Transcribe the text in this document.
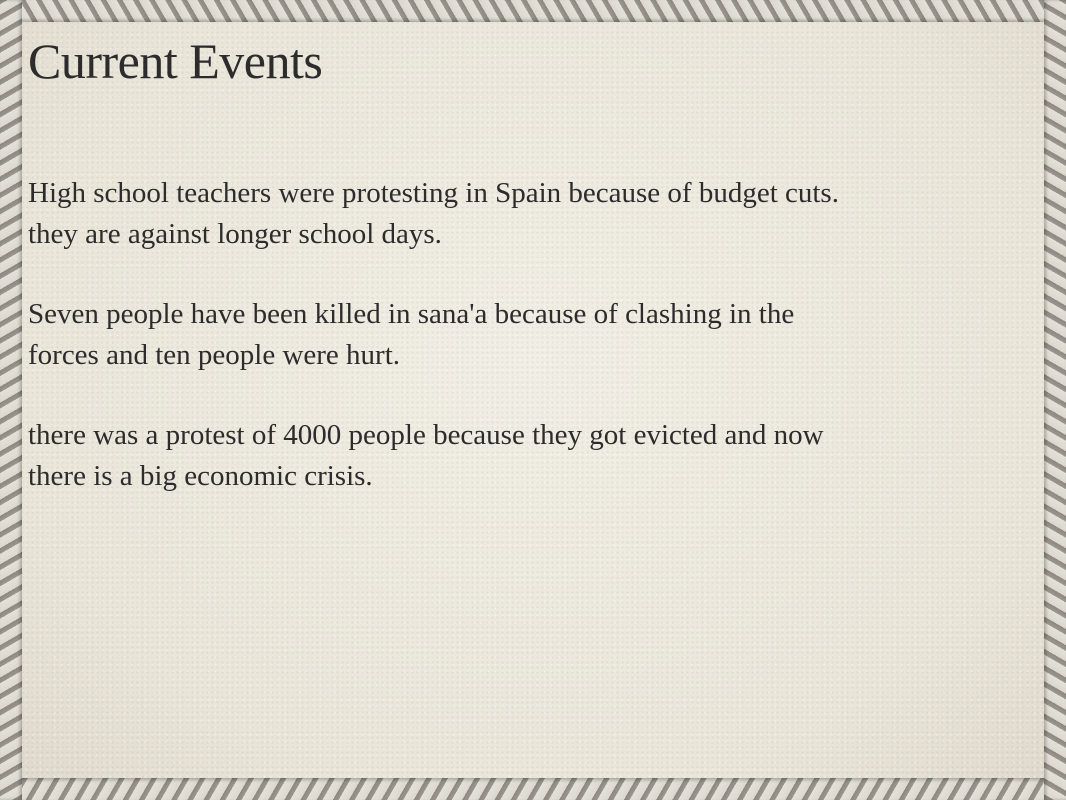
Current Events

High school teachers were protesting in Spain because of budget cuts.
they are against longer school days.

Seven people have been killed in sana'a because of clashing in the
forces and ten people were hurt.

there was a protest of 4000 people because they got evicted and now
there is a big economic crisis.
